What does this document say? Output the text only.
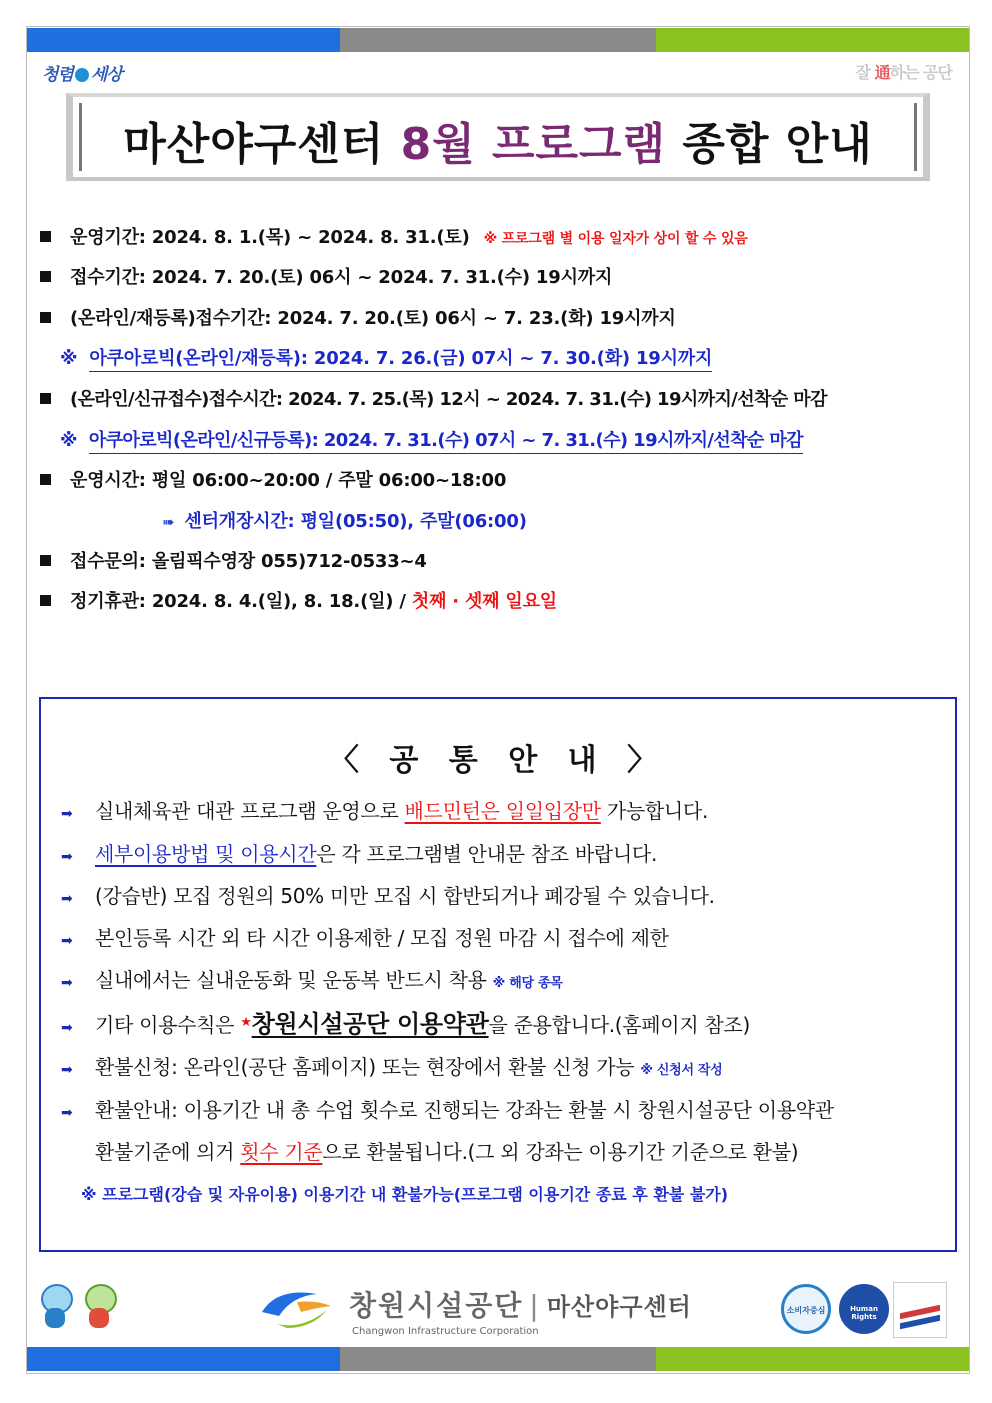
청렴 세상	잘 通하는 공단
마산야구센터 8월 프로그램 종합 안내
운영기간: 2024. 8. 1.(목) ~ 2024. 8. 31.(토) ※ 프로그램 별 이용 일자가 상이 할 수 있음
접수기간: 2024. 7. 20.(토) 06시 ~ 2024. 7. 31.(수) 19시까지
(온라인/재등록)접수기간: 2024. 7. 20.(토) 06시 ~ 7. 23.(화) 19시까지
※ 아쿠아로빅(온라인/재등록): 2024. 7. 26.(금) 07시 ~ 7. 30.(화) 19시까지
(온라인/신규접수)접수시간: 2024. 7. 25.(목) 12시 ~ 2024. 7. 31.(수) 19시까지/선착순 마감
※ 아쿠아로빅(온라인/신규등록): 2024. 7. 31.(수) 07시 ~ 7. 31.(수) 19시까지/선착순 마감
운영시간: 평일 06:00~20:00 / 주말 06:00~18:00
➠ 센터개장시간: 평일(05:50), 주말(06:00)
접수문의: 올림픽수영장 055)712-0533~4
정기휴관: 2024. 8. 4.(일), 8. 18.(일) / 첫째 · 셋째 일요일
〈 공 통 안 내 〉
➡ 실내체육관 대관 프로그램 운영으로 배드민턴은 일일입장만 가능합니다.
➡ 세부이용방법 및 이용시간은 각 프로그램별 안내문 참조 바랍니다.
➡ (강습반) 모집 정원의 50% 미만 모집 시 합반되거나 폐강될 수 있습니다.
➡ 본인등록 시간 외 타 시간 이용제한 / 모집 정원 마감 시 접수에 제한
➡ 실내에서는 실내운동화 및 운동복 반드시 착용 ※ 해당 종목
➡ 기타 이용수칙은 ★창원시설공단 이용약관을 준용합니다.(홈페이지 참조)
➡ 환불신청: 온라인(공단 홈페이지) 또는 현장에서 환불 신청 가능 ※ 신청서 작성
➡ 환불안내: 이용기간 내 총 수업 횟수로 진행되는 강좌는 환불 시 창원시설공단 이용약관
환불기준에 의거 횟수 기준으로 환불됩니다.(그 외 강좌는 이용기간 기준으로 환불)
※ 프로그램(강습 및 자유이용) 이용기간 내 환불가능(프로그램 이용기간 종료 후 환불 불가)
창원시설공단 | 마산야구센터
Changwon Infrastructure Corporation
소비자중심	Human Rights
